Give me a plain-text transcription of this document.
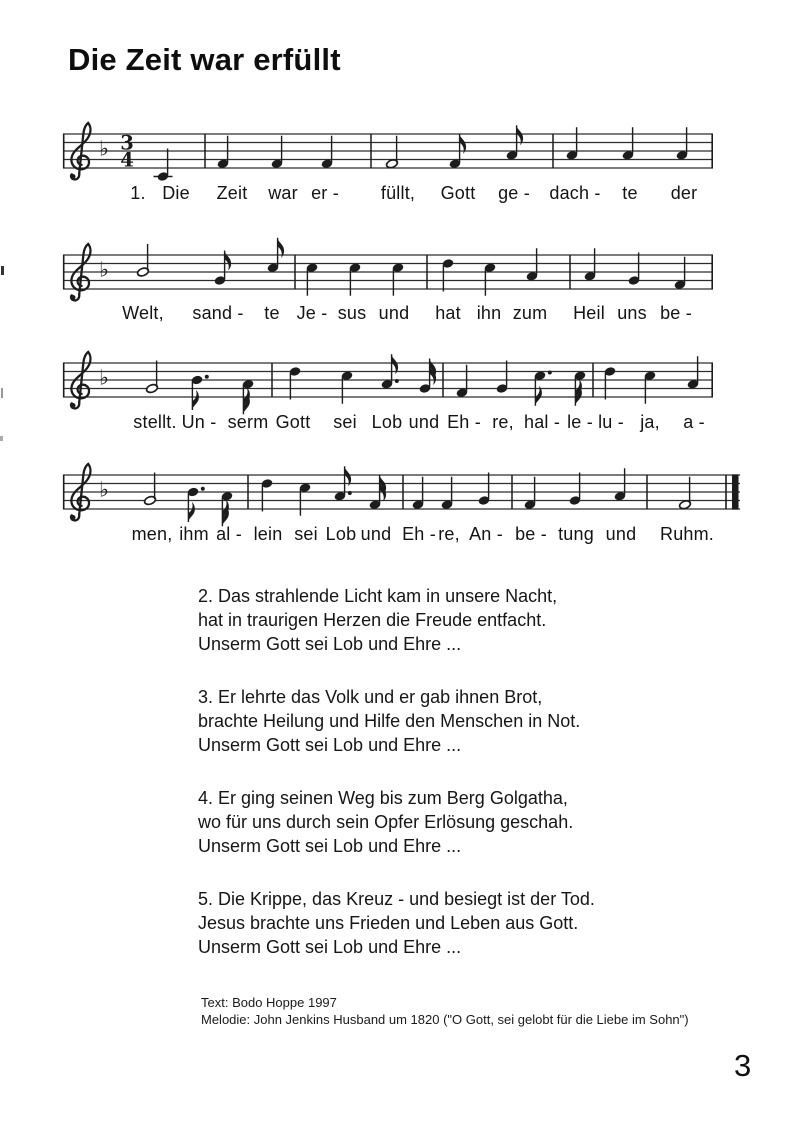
Die Zeit war erfüllt
♭ 3
4
♭
♭
♭
1. Die Zeit war er - füllt, Gott ge - dach - te der
Welt, sand - te Je - sus und hat ihn zum Heil uns be -
stellt. Un - serm Gott sei Lob und Eh - re, hal - le - lu - ja, a -
men, ihm al - lein sei Lob und Eh - re, An - be - tung und Ruhm.

2. Das strahlende Licht kam in unsere Nacht,
hat in traurigen Herzen die Freude entfacht.
Unserm Gott sei Lob und Ehre ...

3. Er lehrte das Volk und er gab ihnen Brot,
brachte Heilung und Hilfe den Menschen in Not.
Unserm Gott sei Lob und Ehre ...

4. Er ging seinen Weg bis zum Berg Golgatha,
wo für uns durch sein Opfer Erlösung geschah.
Unserm Gott sei Lob und Ehre ...

5. Die Krippe, das Kreuz - und besiegt ist der Tod.
Jesus brachte uns Frieden und Leben aus Gott.
Unserm Gott sei Lob und Ehre ...

Text: Bodo Hoppe 1997
Melodie: John Jenkins Husband um 1820 ("O Gott, sei gelobt für die Liebe im Sohn")
3
